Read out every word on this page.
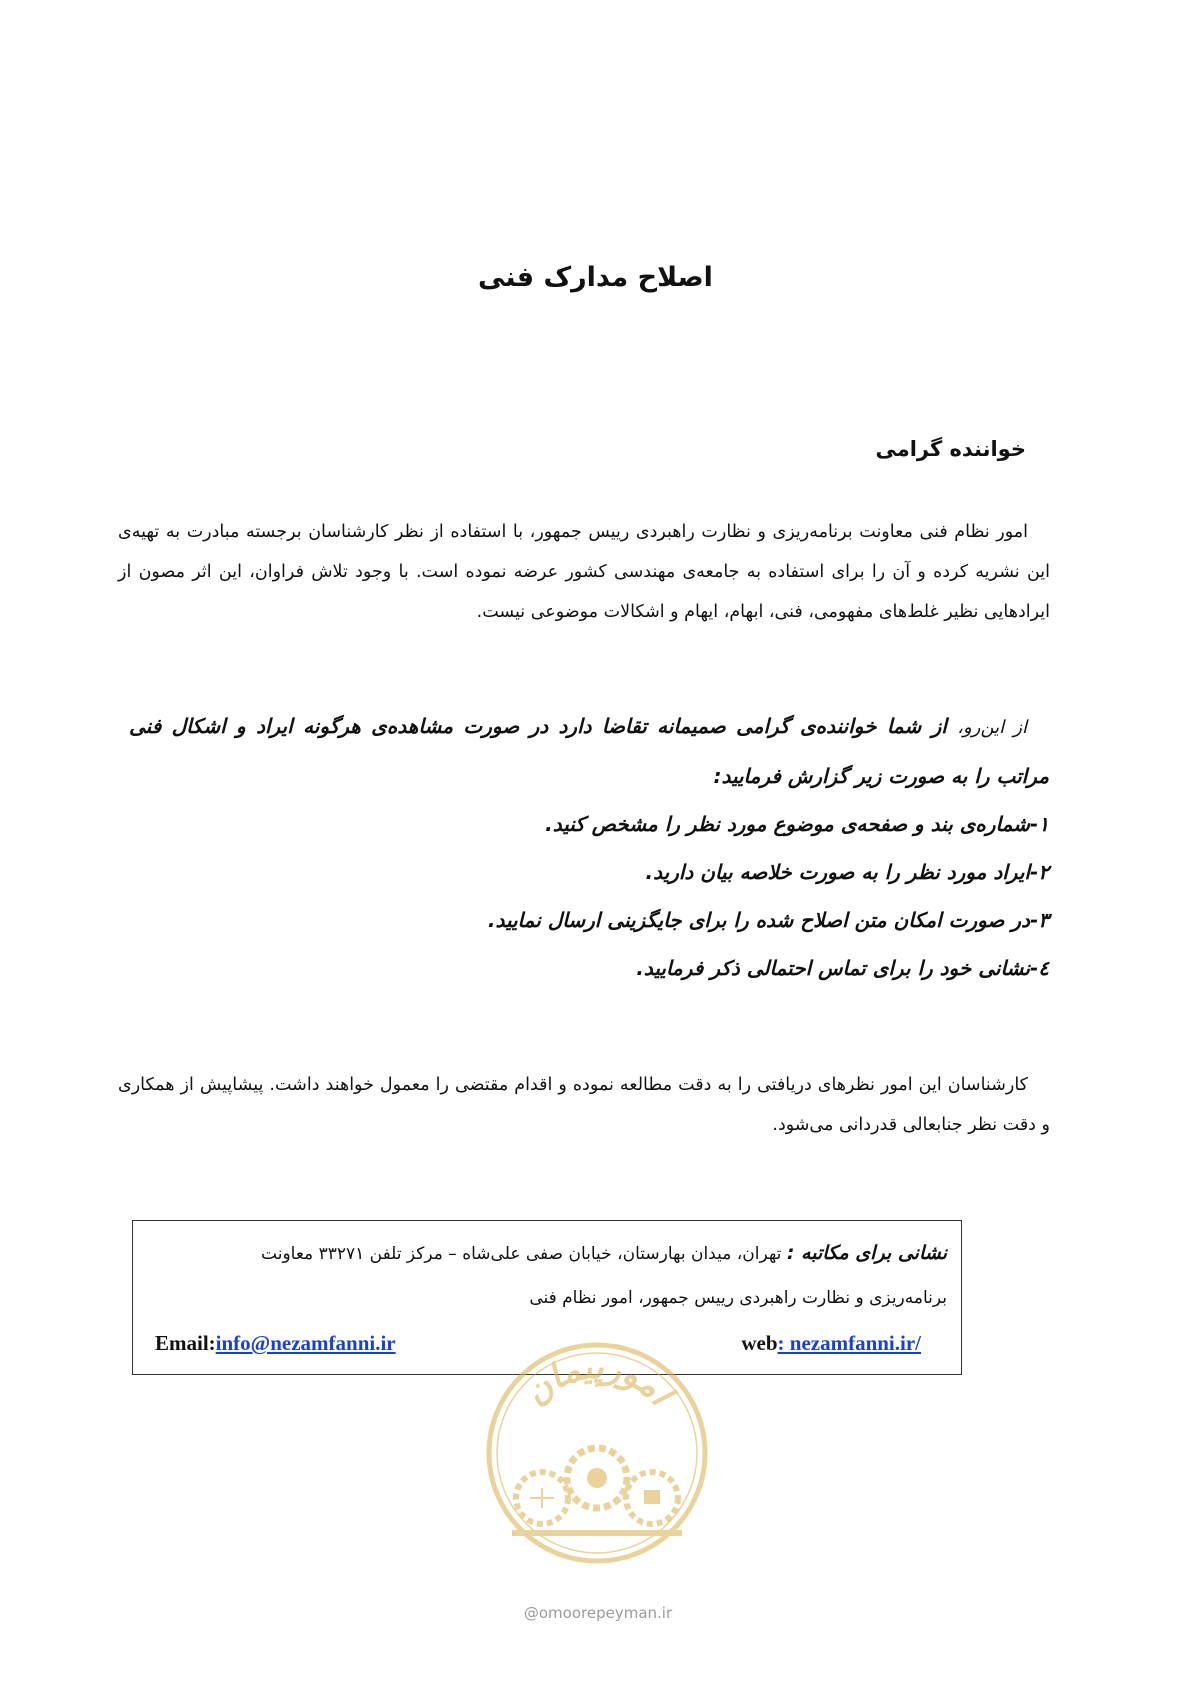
اصلاح مدارک فنی
خواننده گرامی
امور نظام فنی معاونت برنامه‌ریزی و نظارت راهبردی رییس جمهور، با استفاده از نظر کارشناسان برجسته مبادرت به تهیه‌ی این نشریه کرده و آن را برای استفاده به جامعه‌ی مهندسی کشور عرضه نموده است. با وجود تلاش فراوان، این اثر مصون از ایرادهایی نظیر غلط‌های مفهومی، فنی، ابهام، ایهام و اشکالات موضوعی نیست.
از این‌رو، از شما خواننده‌ی گرامی صمیمانه تقاضا دارد در صورت مشاهده‌ی هرگونه ایراد و اشکال فنی
مراتب را به صورت زیر گزارش فرمایید:
۱-شماره‌ی بند و صفحه‌ی موضوع مورد نظر را مشخص کنید.
۲-ایراد مورد نظر را به صورت خلاصه بیان دارید.
۳-در صورت امکان متن اصلاح شده را برای جایگزینی ارسال نمایید.
٤-نشانی خود را برای تماس احتمالی ذکر فرمایید.
کارشناسان این امور نظرهای دریافتی را به دقت مطالعه نموده و اقدام مقتضی را معمول خواهند داشت. پیشاپیش از همکاری و دقت نظر جنابعالی قدردانی می‌شود.
نشانی برای مکاتبه : تهران، میدان بهارستان، خیابان صفی علی‌شاه – مرکز تلفن ۳۳۲۷۱ معاونت
برنامه‌ریزی و نظارت راهبردی رییس جمهور، امور نظام فنی
Email:info@nezamfanni.ir	web: nezamfanni.ir/
امورپیمان
@omoorepeyman.ir
